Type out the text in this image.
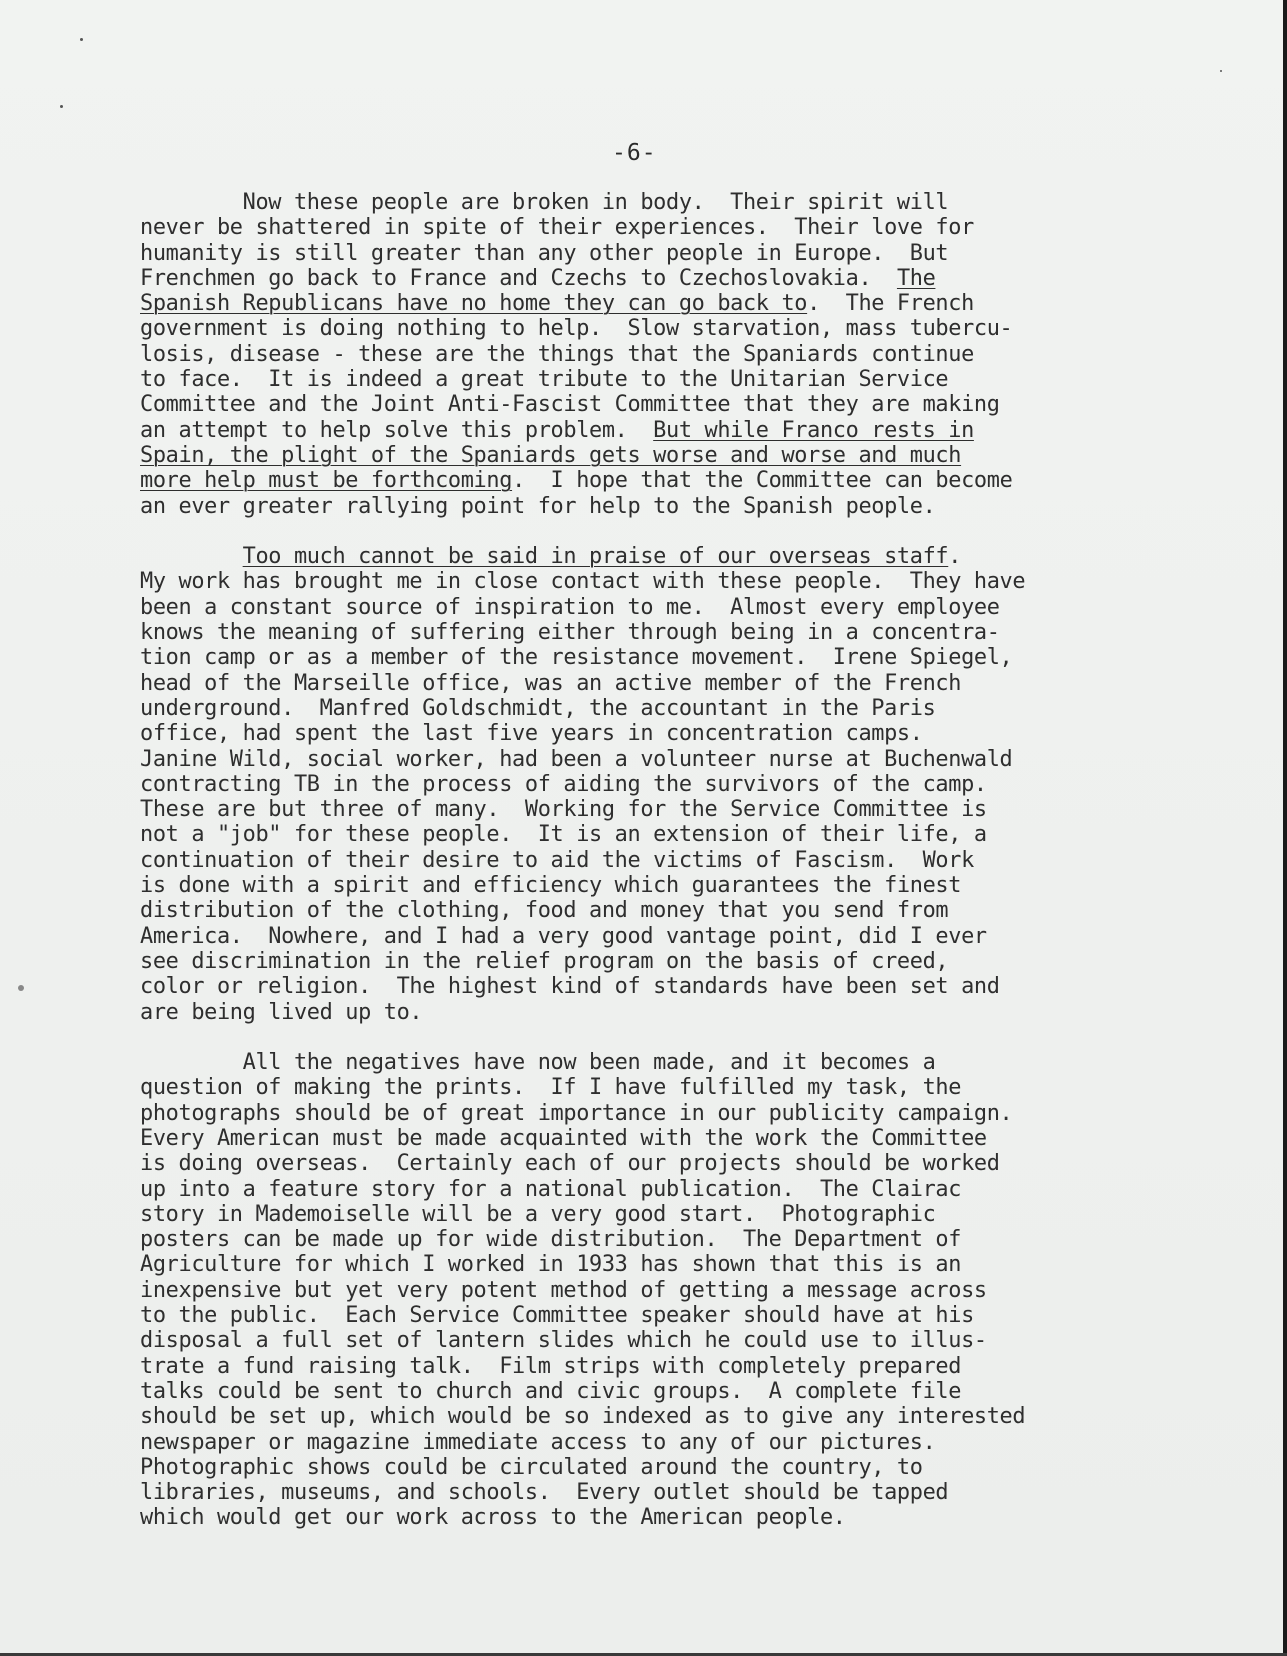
-6-
Now these people are broken in body.  Their spirit will
never be shattered in spite of their experiences.  Their love for
humanity is still greater than any other people in Europe.  But
Frenchmen go back to France and Czechs to Czechoslovakia.  The
Spanish Republicans have no home they can go back to.  The French
government is doing nothing to help.  Slow starvation, mass tubercu-
losis, disease - these are the things that the Spaniards continue
to face.  It is indeed a great tribute to the Unitarian Service
Committee and the Joint Anti-Fascist Committee that they are making
an attempt to help solve this problem.  But while Franco rests in
Spain, the plight of the Spaniards gets worse and worse and much
more help must be forthcoming.  I hope that the Committee can become
an ever greater rallying point for help to the Spanish people.
Too much cannot be said in praise of our overseas staff.
My work has brought me in close contact with these people.  They have
been a constant source of inspiration to me.  Almost every employee
knows the meaning of suffering either through being in a concentra-
tion camp or as a member of the resistance movement.  Irene Spiegel,
head of the Marseille office, was an active member of the French
underground.  Manfred Goldschmidt, the accountant in the Paris
office, had spent the last five years in concentration camps.
Janine Wild, social worker, had been a volunteer nurse at Buchenwald
contracting TB in the process of aiding the survivors of the camp.
These are but three of many.  Working for the Service Committee is
not a "job" for these people.  It is an extension of their life, a
continuation of their desire to aid the victims of Fascism.  Work
is done with a spirit and efficiency which guarantees the finest
distribution of the clothing, food and money that you send from
America.  Nowhere, and I had a very good vantage point, did I ever
see discrimination in the relief program on the basis of creed,
color or religion.  The highest kind of standards have been set and
are being lived up to.
All the negatives have now been made, and it becomes a
question of making the prints.  If I have fulfilled my task, the
photographs should be of great importance in our publicity campaign.
Every American must be made acquainted with the work the Committee
is doing overseas.  Certainly each of our projects should be worked
up into a feature story for a national publication.  The Clairac
story in Mademoiselle will be a very good start.  Photographic
posters can be made up for wide distribution.  The Department of
Agriculture for which I worked in 1933 has shown that this is an
inexpensive but yet very potent method of getting a message across
to the public.  Each Service Committee speaker should have at his
disposal a full set of lantern slides which he could use to illus-
trate a fund raising talk.  Film strips with completely prepared
talks could be sent to church and civic groups.  A complete file
should be set up, which would be so indexed as to give any interested
newspaper or magazine immediate access to any of our pictures.
Photographic shows could be circulated around the country, to
libraries, museums, and schools.  Every outlet should be tapped
which would get our work across to the American people.
